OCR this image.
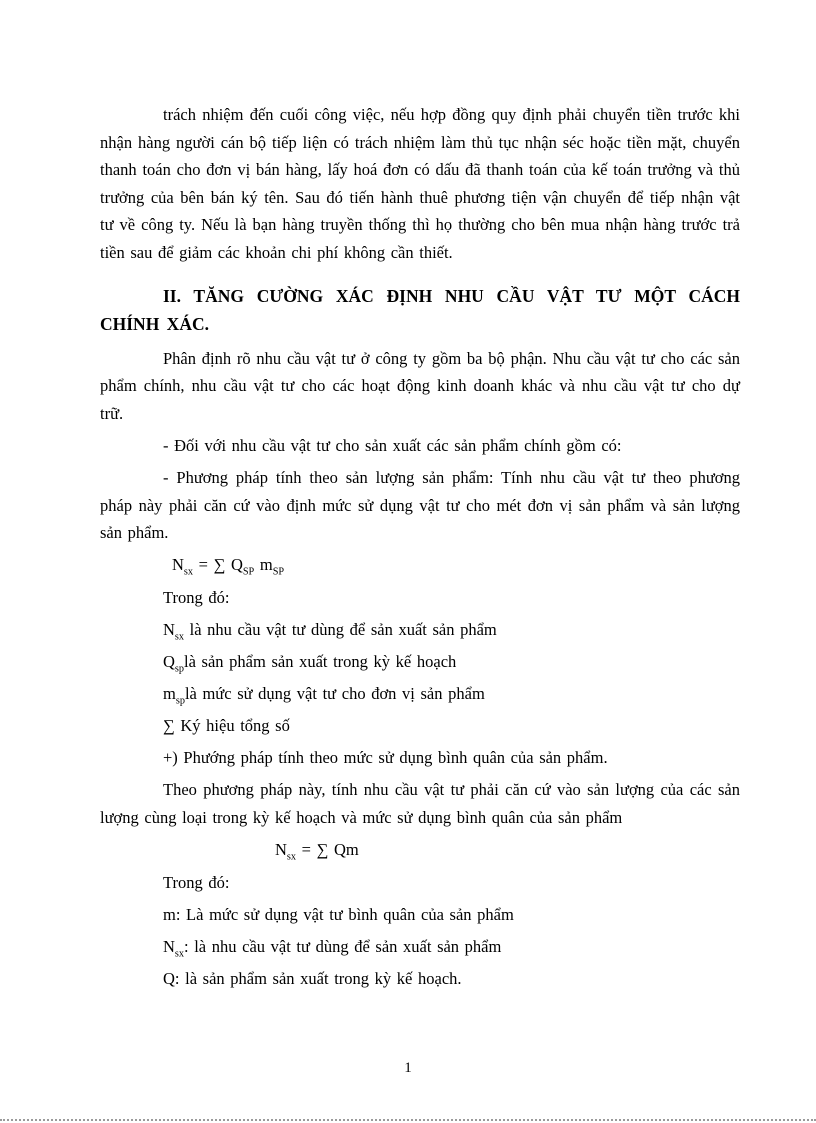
trách nhiệm đến cuối công việc, nếu hợp đồng quy định phải chuyển tiền trước khi nhận hàng người cán bộ tiếp liện có trách nhiệm làm thủ tục nhận séc hoặc tiền mặt, chuyển thanh toán cho đơn vị bán hàng, lấy hoá đơn có dấu đã thanh toán của kế toán trưởng và thủ trưởng của bên bán ký tên. Sau đó tiến hành thuê phương tiện vận chuyển để tiếp nhận vật tư về công ty. Nếu là bạn hàng truyền thống thì họ thường cho bên mua nhận hàng trước trả tiền sau để giảm các khoản chi phí không cần thiết.

II. TĂNG CƯỜNG XÁC ĐỊNH NHU CẦU VẬT TƯ MỘT CÁCH CHÍNH XÁC.

Phân định rõ nhu cầu vật tư ở công ty gồm ba bộ phận. Nhu cầu vật tư cho các sản phẩm chính, nhu cầu vật tư cho các hoạt động kinh doanh khác và nhu cầu vật tư cho dự trữ.

- Đối với nhu cầu vật tư cho sản xuất các sản phẩm chính gồm có:

- Phương pháp tính theo sản lượng sản phẩm: Tính nhu cầu vật tư theo phương pháp này phải căn cứ vào định mức sử dụng vật tư cho mét đơn vị sản phẩm và sản lượng sản phẩm.

$N_{sx}$ = ∑ $Q_{SP}$ $m_{SP}$

Trong đó:

$N_{sx}$ là nhu cầu vật tư dùng để sản xuất sản phẩm

$Q_{sp}là$ sản phẩm sản xuất trong kỳ kế hoạch

$m_{sp}là$ mức sử dụng vật tư cho đơn vị sản phẩm

∑ Ký hiệu tổng số

+) Phướng pháp tính theo mức sử dụng bình quân của sản phẩm.

Theo phương pháp này, tính nhu cầu vật tư phải căn cứ vào sản lượng của các sản lượng cùng loại trong kỳ kế hoạch và mức sử dụng bình quân của sản phẩm

$N_{sx}$ = ∑ Qm

Trong đó:

m: Là mức sử dụng vật tư bình quân của sản phẩm

$N_{sx}$: là nhu cầu vật tư dùng để sản xuất sản phẩm

Q: là sản phẩm sản xuất trong kỳ kế hoạch.

1
